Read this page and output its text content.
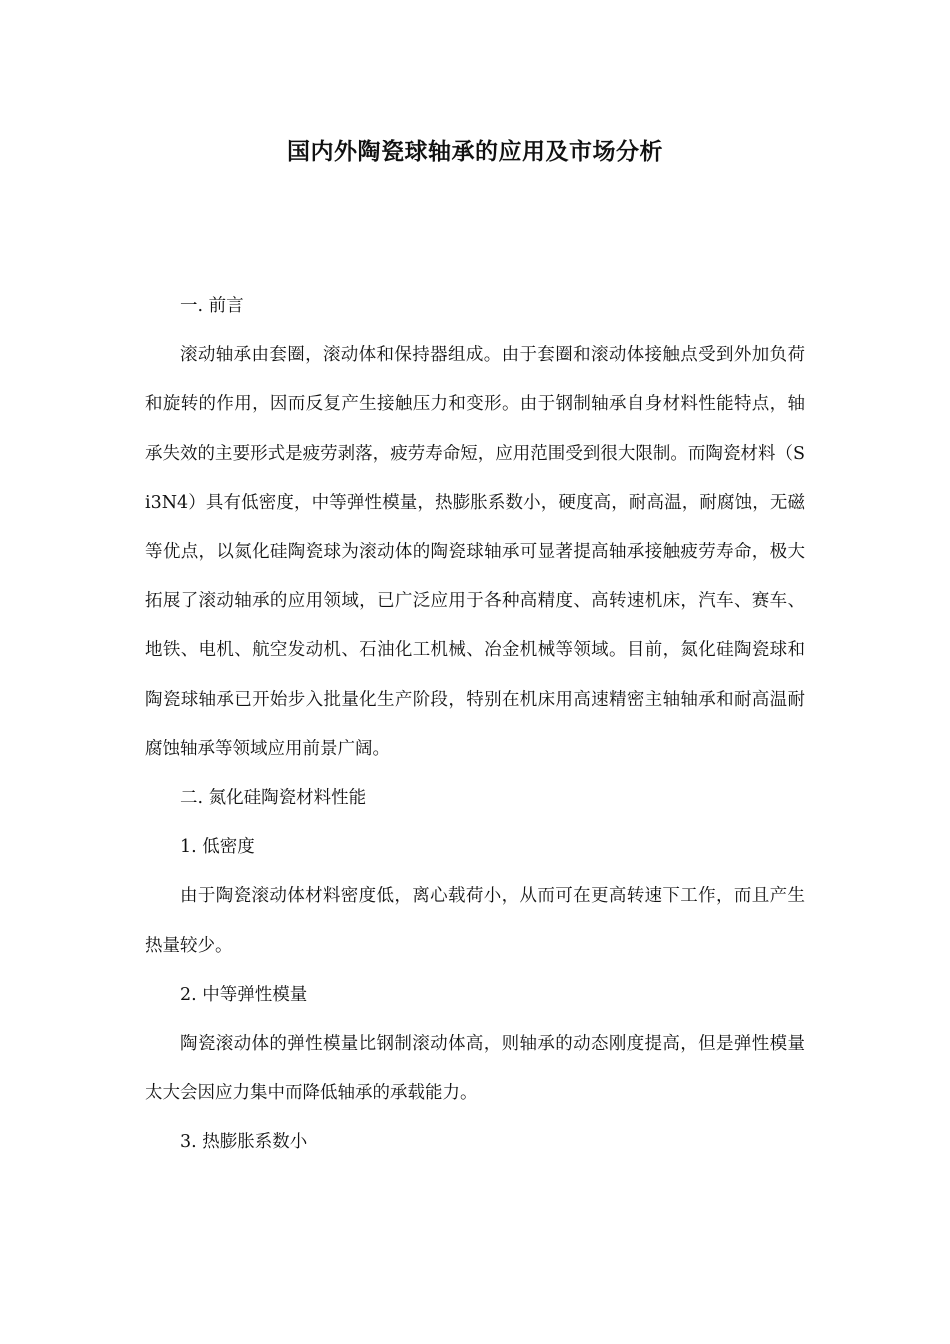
国内外陶瓷球轴承的应用及市场分析

一. 前言

滚动轴承由套圈，滚动体和保持器组成。由于套圈和滚动体接触点受到外加负荷和旋转的作用，因而反复产生接触压力和变形。由于钢制轴承自身材料性能特点，轴承失效的主要形式是疲劳剥落，疲劳寿命短，应用范围受到很大限制。而陶瓷材料（Si3N4）具有低密度，中等弹性模量，热膨胀系数小，硬度高，耐高温，耐腐蚀，无磁等优点，以氮化硅陶瓷球为滚动体的陶瓷球轴承可显著提高轴承接触疲劳寿命，极大拓展了滚动轴承的应用领域，已广泛应用于各种高精度、高转速机床，汽车、赛车、地铁、电机、航空发动机、石油化工机械、冶金机械等领域。目前，氮化硅陶瓷球和陶瓷球轴承已开始步入批量化生产阶段，特别在机床用高速精密主轴轴承和耐高温耐腐蚀轴承等领域应用前景广阔。

二. 氮化硅陶瓷材料性能

1. 低密度

由于陶瓷滚动体材料密度低，离心载荷小，从而可在更高转速下工作，而且产生热量较少。

2. 中等弹性模量

陶瓷滚动体的弹性模量比钢制滚动体高，则轴承的动态刚度提高，但是弹性模量太大会因应力集中而降低轴承的承载能力。

3. 热膨胀系数小
